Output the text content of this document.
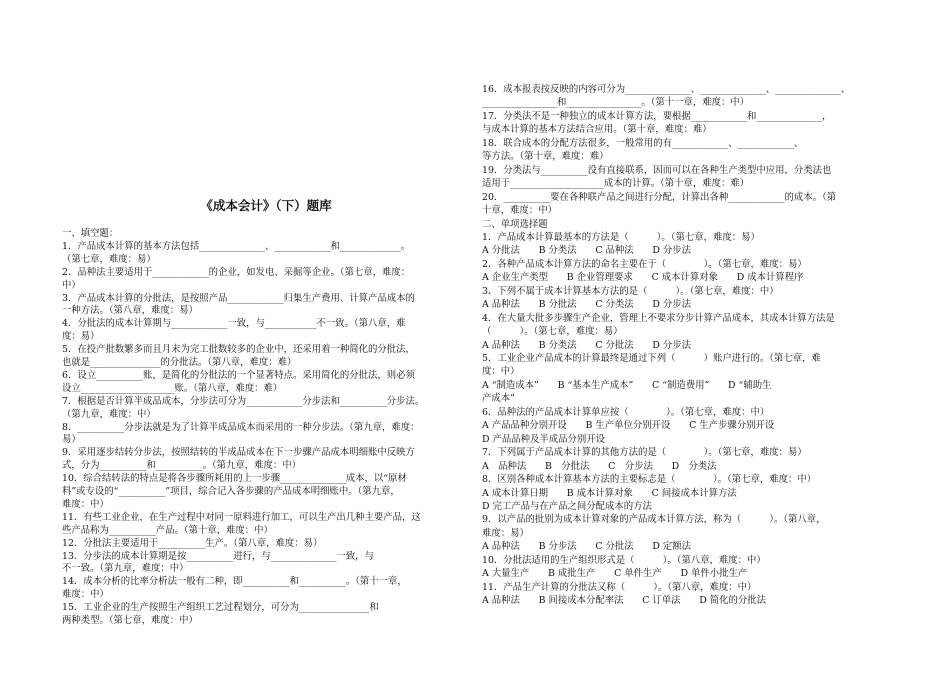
《成本会计》（下）题库
一、填空题：
1．产品成本计算的基本方法包括______________、____________和_____________。
（第七章，难度：易）
2．品种法主要适用于____________的企业，如发电、采掘等企业。（第七章，难度：
中）
3．产品成本计算的分批法，是按照产品____________归集生产费用、计算产品成本的
一种方法。（第八章，难度：易）
4．分批法的成本计算期与____________一致，与___________不一致。（第八章，难
度：易）
5．在投产批数繁多而且月末为完工批数较多的企业中，还采用着一种简化的分批法，
也就是_______________的分批法。（第八章，难度：难）
6．设立__________账，是简化的分批法的一个显著特点。采用简化的分批法，则必须
设立____________________账。（第八章，难度：难）
7．根据是否计算半成品成本，分步法可分为____________分步法和__________分步法。
（第九章，难度：中）
8．__________分步法就是为了计算半成品成本而采用的一种分步法。（第九章，难度：
易）
9．采用逐步结转分步法，按照结转的半成品成本在下一步骤产品成本明细账中反映方
式，分为__________和__________。（第九章，难度：中）
10．综合结转法的特点是将各步骤所耗用的上一步骤______________成本，以“原材
料”或专设的“__________”项目，综合记入各步骤的产品成本明细账中。（第九章，
难度：中）
11．有些工业企业，在生产过程中对同一原料进行加工，可以生产出几种主要产品，这
些产品称为__________产品。（第十章，难度：中）
12．分批法主要适用于__________生产。（第八章，难度：易）
13．分步法的成本计算期是按__________进行，与______________一致，与
不一致。（第九章，难度：中）
14．成本分析的比率分析法一般有二种，即__________和__________。（第十一章，
难度：中）
15．工业企业的生产按照生产组织工艺过程划分，可分为_______________和
两种类型。（第七章，难度：中）
16．成本报表按反映的内容可分为______________、______________、______________、
________________和________________。（第十一章，难度：中）
17．分类法不是一种独立的成本计算方法，要根据____________和______________，
与成本计算的基本方法结合应用。（第十章，难度：难）
18．联合成本的分配方法很多，一般常用的有____________、____________、
等方法。（第十章，难度：难）
19．分类法与__________没有直接联系，因而可以在各种生产类型中应用，分类法也
适用于____________________成本的计算。（第十章，难度：难）
20．__________要在各种联产品之间进行分配，计算出各种____________的成本。（第
十章，难度：中）
二、单项选择题
1．产品成本计算最基本的方法是（　　　）。（第七章，难度：易）
A 分批法　　B 分类法　　C 品种法　　D 分步法
2．各种产品成本计算方法的命名主要在于（　　　　）。（第七章，难度：易）
A 企业生产类型　　B 企业管理要求　　C 成本计算对象　　D 成本计算程序
3．下列不属于成本计算基本方法的是（　　　）。（第七章，难度：中）
A 品种法　　B 分批法　　C 分类法　　D 分步法
4．在大量大批多步骤生产企业，管理上不要求分步计算产品成本，其成本计算方法是
（　　　）。（第七章，难度：易）
A 品种法　　B 分类法　　C 分批法　　D 分步法
5．工业企业产品成本的计算最终是通过下列（　　　）账户进行的。（第七章，难
度：中）
A “制造成本”　　B “基本生产成本”　　C “制造费用”　　D “辅助生
产成本”
6．品种法的产品成本计算单应按（　　　　）。（第七章，难度：中）
A 产品品种分别开设　　B 生产单位分别开设　　C 生产步骤分别开设
D 产品品种及半成品分别开设
7．下列属于产品成本计算的其他方法的是（　　　　）。（第七章，难度：易）
A　品种法　　B　分批法　　C　分步法　　D　分类法
8．区别各种成本计算基本方法的主要标志是（　　　　）。（第七章，难度：中）
A 成本计算日期　　B 成本计算对象　　C 间接成本计算方法
D 完工产品与在产品之间分配成本的方法
9．以产品的批别为成本计算对象的产品成本计算方法，称为（　　　）。（第八章，
难度：易）
A 品种法　　B 分步法　　C 分批法　　D 定额法
10．分批法适用的生产组织形式是（　　　）。（第八章，难度：中）
A 大量生产　　B 成批生产　　C 单件生产　　D 单件小批生产
11．产品生产计算的分批法又称（　　　）。（第八章，难度：中）
A 品种法　　B 间接成本分配率法　　C 订单法　　D 简化的分批法
